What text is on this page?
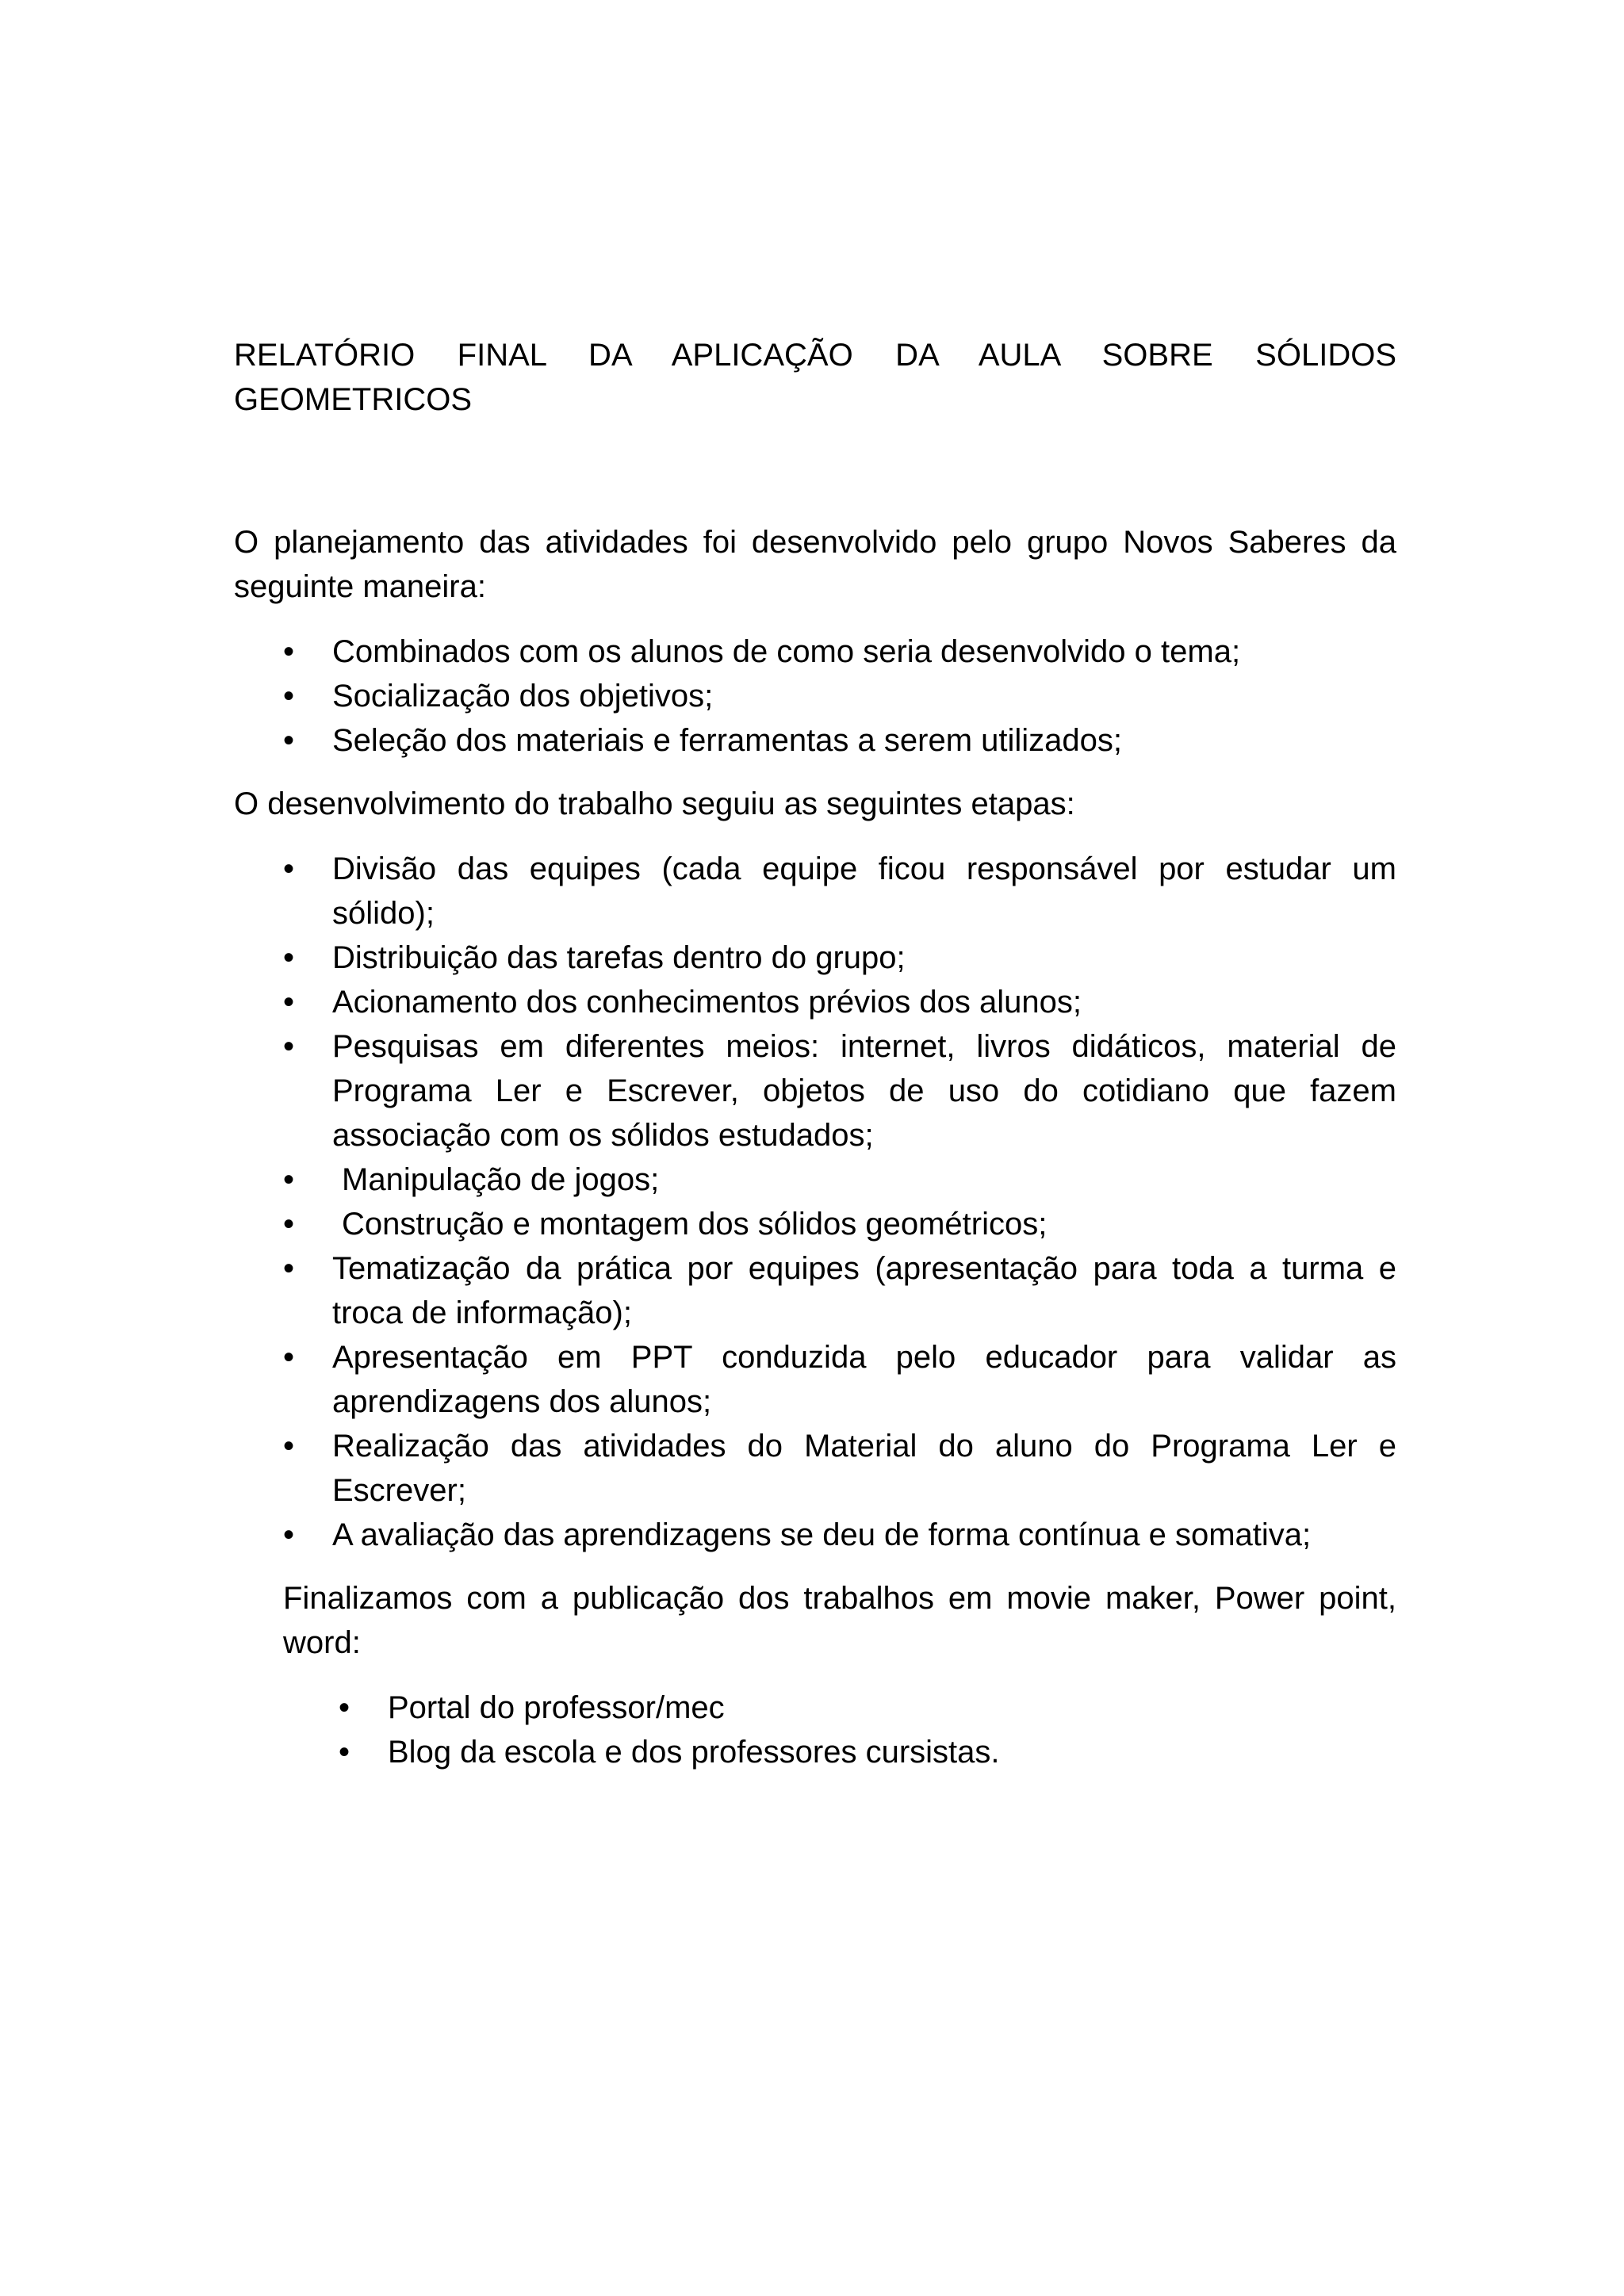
RELATÓRIO FINAL DA APLICAÇÃO DA AULA SOBRE SÓLIDOS GEOMETRICOS

O planejamento das atividades foi desenvolvido pelo grupo Novos Saberes da seguinte maneira:

• Combinados com os alunos de como seria desenvolvido o tema;
• Socialização dos objetivos;
• Seleção dos materiais e ferramentas a serem utilizados;

O desenvolvimento do trabalho seguiu as seguintes etapas:

• Divisão das equipes (cada equipe ficou responsável por estudar um sólido);
• Distribuição das tarefas dentro do grupo;
• Acionamento dos conhecimentos prévios dos alunos;
• Pesquisas em diferentes meios: internet, livros didáticos, material de Programa Ler e Escrever, objetos de uso do cotidiano que fazem associação com os sólidos estudados;
• Manipulação de jogos;
• Construção e montagem dos sólidos geométricos;
• Tematização da prática por equipes (apresentação para toda a turma e troca de informação);
• Apresentação em PPT conduzida pelo educador para validar as aprendizagens dos alunos;
• Realização das atividades do Material do aluno do Programa Ler e Escrever;
• A avaliação das aprendizagens se deu de forma contínua e somativa;

Finalizamos com a publicação dos trabalhos em movie maker, Power point, word:

• Portal do professor/mec
• Blog da escola e dos professores cursistas.
